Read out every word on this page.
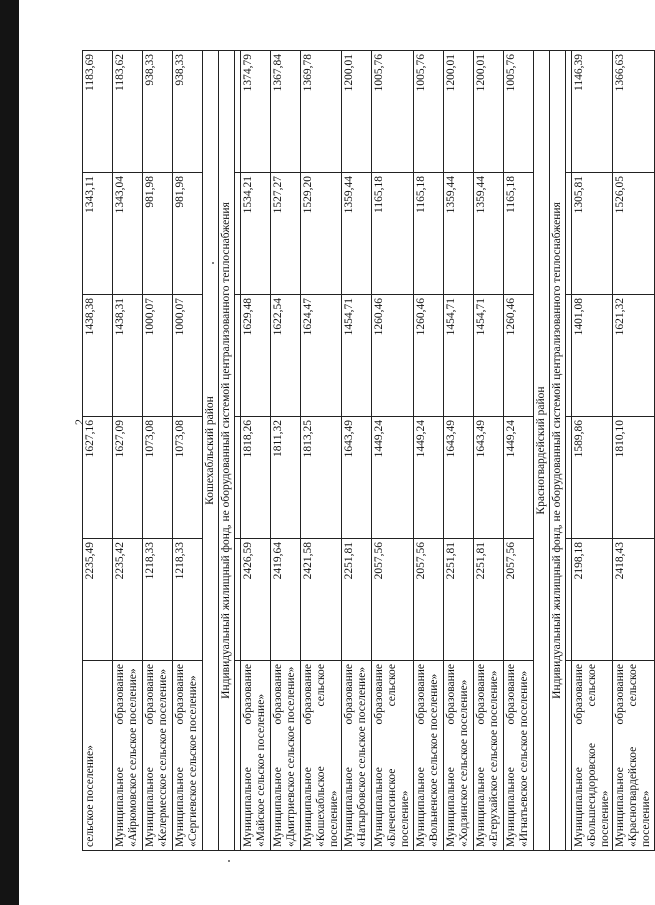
2
сельское поселение»	2235,49	1627,16	1438,38	1343,11	1183,69
Муниципальное образование «Айрюмовское сельское поселение»	2235,42	1627,09	1438,31	1343,04	1183,62
Муниципальное образование «Келермесское сельское поселение»	1218,33	1073,08	1000,07	981,98	938,33
Муниципальное образование «Сергиевское сельское поселение»	1218,33	1073,08	1000,07	981,98	938,33
Кошехабльский район					
Индивидуальный жилищный фонд, не оборудованный системой централизованного теплоснабжения					

Муниципальное образование «Майское сельское поселение»	2426,59	1818,26	1629,48	1534,21	1374,79
Муниципальное образование «Дмитриевское сельское поселение»	2419,64	1811,32	1622,54	1527,27	1367,84
Муниципальное образование «Кошехабльское сельское поселение»	2421,58	1813,25	1624,47	1529,20	1369,78
Муниципальное образование «Натырбовское сельское поселение»	2251,81	1643,49	1454,71	1359,44	1200,01
Муниципальное образование «Блечепсинское сельское поселение»	2057,56	1449,24	1260,46	1165,18	1005,76
Муниципальное образование «Вольненское сельское поселение»	2057,56	1449,24	1260,46	1165,18	1005,76
Муниципальное образование «Ходзинское сельское поселение»	2251,81	1643,49	1454,71	1359,44	1200,01
Муниципальное образование «Егерухайское сельское поселение»	2251,81	1643,49	1454,71	1359,44	1200,01
Муниципальное образование «Игнатьевское сельское поселение»	2057,56	1449,24	1260,46	1165,18	1005,76
Красногвардейский район					
Индивидуальный жилищный фонд, не оборудованный системой централизованного теплоснабжения					

Муниципальное образование «Большесидоровское сельское поселение»	2198,18	1589,86	1401,08	1305,81	1146,39
Муниципальное образование «Красногвардейское сельское поселение»	2418,43	1810,10	1621,32	1526,05	1366,63
